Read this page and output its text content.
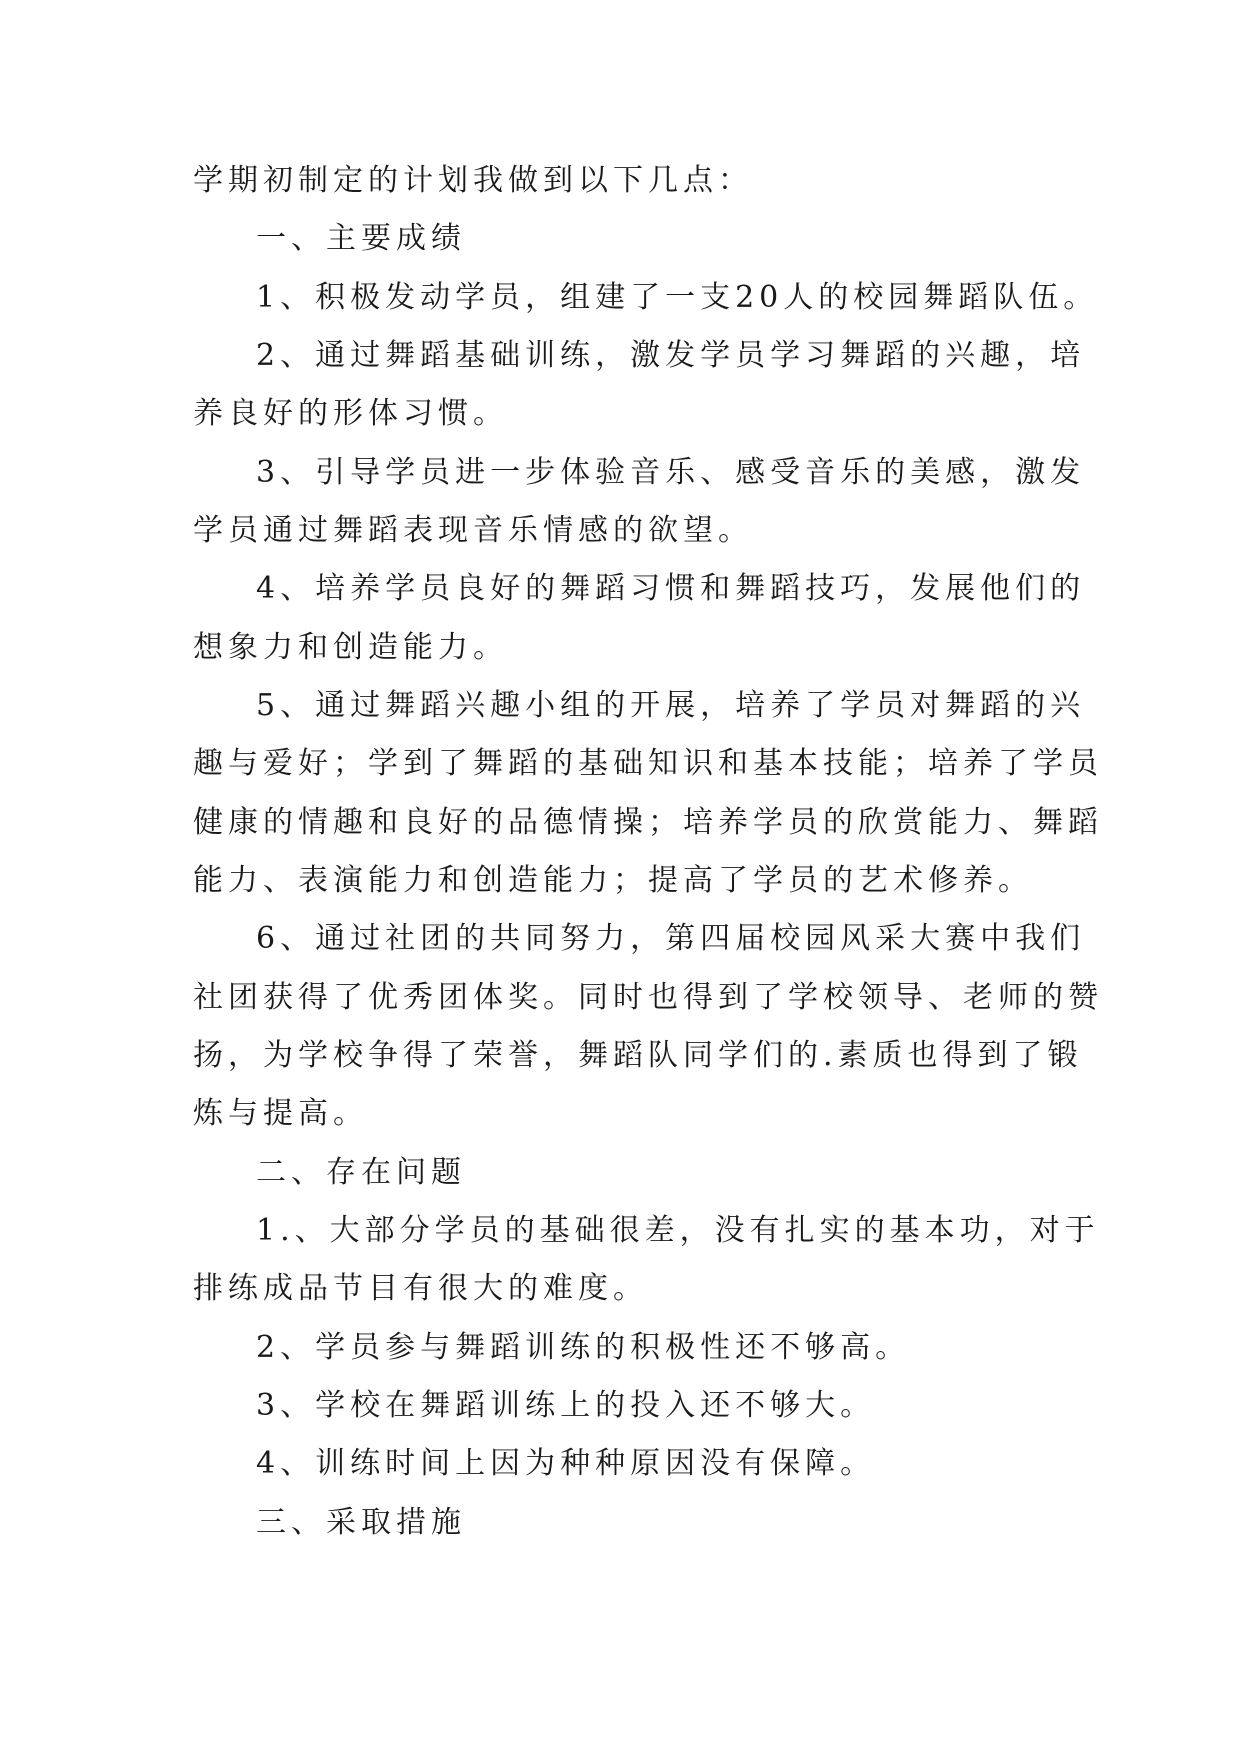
学期初制定的计划我做到以下几点：
一、主要成绩
1、积极发动学员，组建了一支20人的校园舞蹈队伍。
2、通过舞蹈基础训练，激发学员学习舞蹈的兴趣，培
养良好的形体习惯。
3、引导学员进一步体验音乐、感受音乐的美感，激发
学员通过舞蹈表现音乐情感的欲望。
4、培养学员良好的舞蹈习惯和舞蹈技巧，发展他们的
想象力和创造能力。
5、通过舞蹈兴趣小组的开展，培养了学员对舞蹈的兴
趣与爱好；学到了舞蹈的基础知识和基本技能；培养了学员
健康的情趣和良好的品德情操；培养学员的欣赏能力、舞蹈
能力、表演能力和创造能力；提高了学员的艺术修养。
6、通过社团的共同努力，第四届校园风采大赛中我们
社团获得了优秀团体奖。同时也得到了学校领导、老师的赞
扬，为学校争得了荣誉，舞蹈队同学们的.素质也得到了锻
炼与提高。
二、存在问题
1.、大部分学员的基础很差，没有扎实的基本功，对于
排练成品节目有很大的难度。
2、学员参与舞蹈训练的积极性还不够高。
3、学校在舞蹈训练上的投入还不够大。
4、训练时间上因为种种原因没有保障。
三、采取措施
